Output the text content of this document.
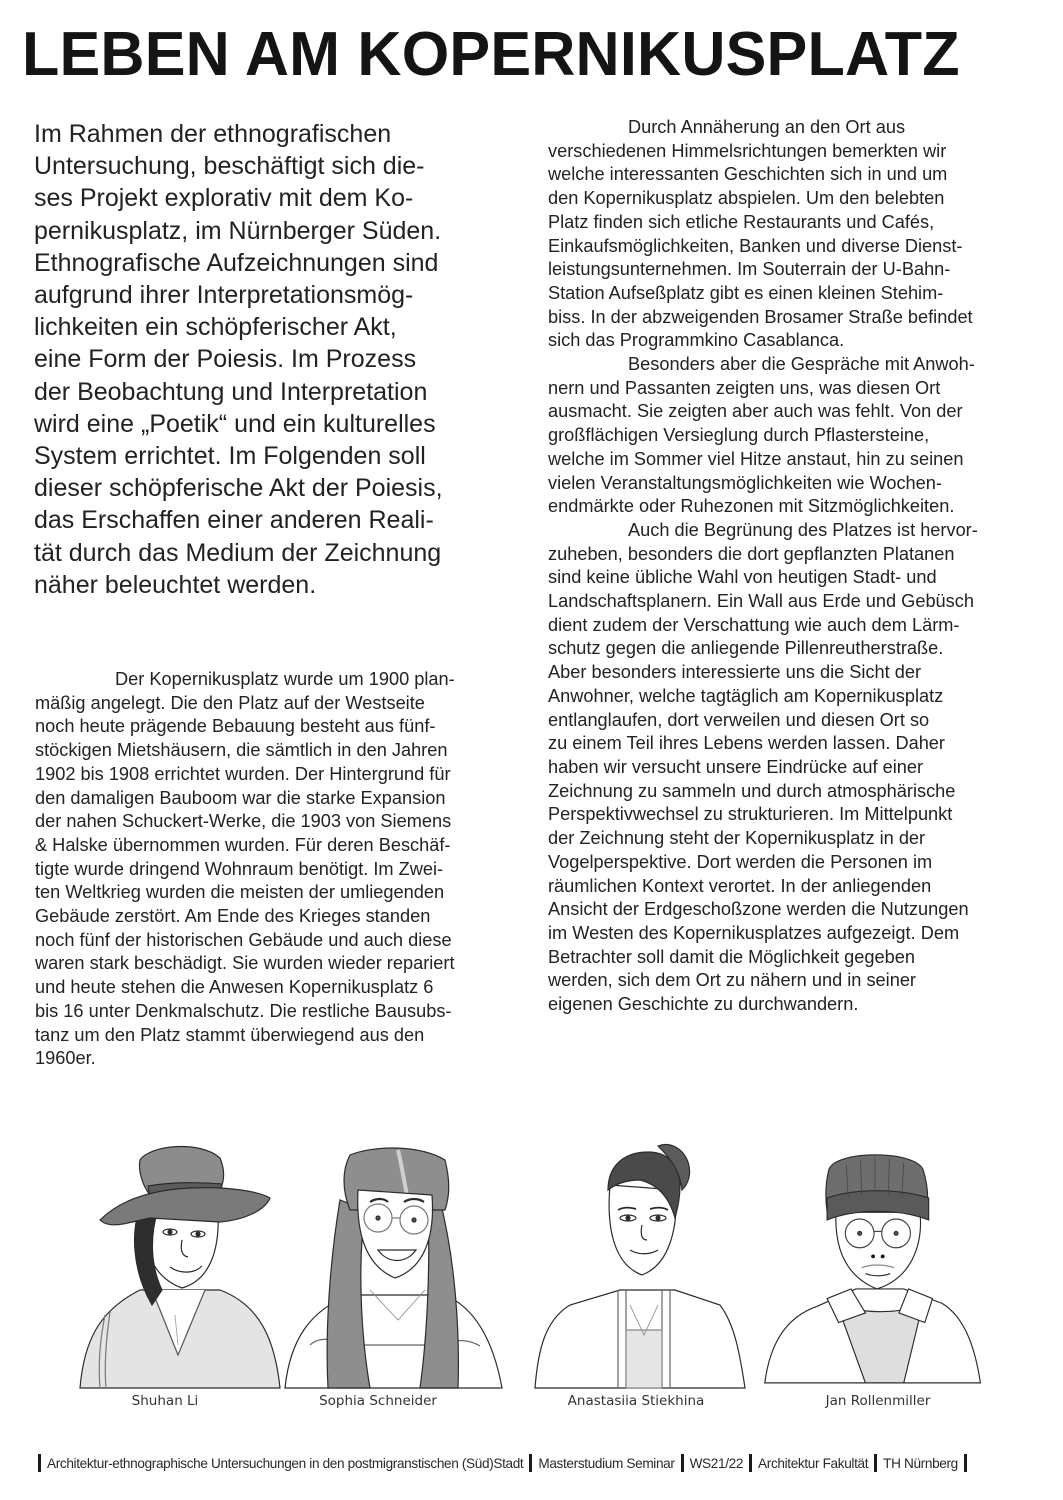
LEBEN AM KOPERNIKUSPLATZ
Im Rahmen der ethnografischen
Untersuchung, beschäftigt sich die-
ses Projekt explorativ mit dem Ko-
pernikusplatz, im Nürnberger Süden.
Ethnografische Aufzeichnungen sind
aufgrund ihrer Interpretationsmög-
lichkeiten ein schöpferischer Akt,
eine Form der Poiesis. Im Prozess
der Beobachtung und Interpretation
wird eine „Poetik“ und ein kulturelles
System errichtet. Im Folgenden soll
dieser schöpferische Akt der Poiesis,
das Erschaffen einer anderen Reali-
tät durch das Medium der Zeichnung
näher beleuchtet werden.
Der Kopernikusplatz wurde um 1900 plan-
mäßig angelegt. Die den Platz auf der Westseite
noch heute prägende Bebauung besteht aus fünf-
stöckigen Mietshäusern, die sämtlich in den Jahren
1902 bis 1908 errichtet wurden. Der Hintergrund für
den damaligen Bauboom war die starke Expansion
der nahen Schuckert-Werke, die 1903 von Siemens
& Halske übernommen wurden. Für deren Beschäf-
tigte wurde dringend Wohnraum benötigt. Im Zwei-
ten Weltkrieg wurden die meisten der umliegenden
Gebäude zerstört. Am Ende des Krieges standen
noch fünf der historischen Gebäude und auch diese
waren stark beschädigt. Sie wurden wieder repariert
und heute stehen die Anwesen Kopernikusplatz 6
bis 16 unter Denkmalschutz. Die restliche Bausubs-
tanz um den Platz stammt überwiegend aus den
1960er.
Durch Annäherung an den Ort aus
verschiedenen Himmelsrichtungen bemerkten wir
welche interessanten Geschichten sich in und um
den Kopernikusplatz abspielen. Um den belebten
Platz finden sich etliche Restaurants und Cafés,
Einkaufsmöglichkeiten, Banken und diverse Dienst-
leistungsunternehmen. Im Souterrain der U-Bahn-
Station Aufseßplatz gibt es einen kleinen Stehim-
biss. In der abzweigenden Brosamer Straße befindet
sich das Programmkino Casablanca.
Besonders aber die Gespräche mit Anwoh-
nern und Passanten zeigten uns, was diesen Ort
ausmacht. Sie zeigten aber auch was fehlt. Von der
großflächigen Versieglung durch Pflastersteine,
welche im Sommer viel Hitze anstaut, hin zu seinen
vielen Veranstaltungsmöglichkeiten wie Wochen-
endmärkte oder Ruhezonen mit Sitzmöglichkeiten.
Auch die Begrünung des Platzes ist hervor-
zuheben, besonders die dort gepflanzten Platanen
sind keine übliche Wahl von heutigen Stadt- und
Landschaftsplanern. Ein Wall aus Erde und Gebüsch
dient zudem der Verschattung wie auch dem Lärm-
schutz gegen die anliegende Pillenreutherstraße.
Aber besonders interessierte uns die Sicht der
Anwohner, welche tagtäglich am Kopernikusplatz
entlanglaufen, dort verweilen und diesen Ort so
zu einem Teil ihres Lebens werden lassen. Daher
haben wir versucht unsere Eindrücke auf einer
Zeichnung zu sammeln und durch atmosphärische
Perspektivwechsel zu strukturieren. Im Mittelpunkt
der Zeichnung steht der Kopernikusplatz in der
Vogelperspektive. Dort werden die Personen im
räumlichen Kontext verortet. In der anliegenden
Ansicht der Erdgeschoßzone werden die Nutzungen
im Westen des Kopernikusplatzes aufgezeigt. Dem
Betrachter soll damit die Möglichkeit gegeben
werden, sich dem Ort zu nähern und in seiner
eigenen Geschichte zu durchwandern.
Shuhan Li	Sophia Schneider	Anastasiia Stiekhina	Jan Rollenmiller
Architektur-ethnographische Untersuchungen in den postmigranstischen (Süd)Stadt Masterstudium Seminar WS21/22 Architektur Fakultät TH Nürnberg
